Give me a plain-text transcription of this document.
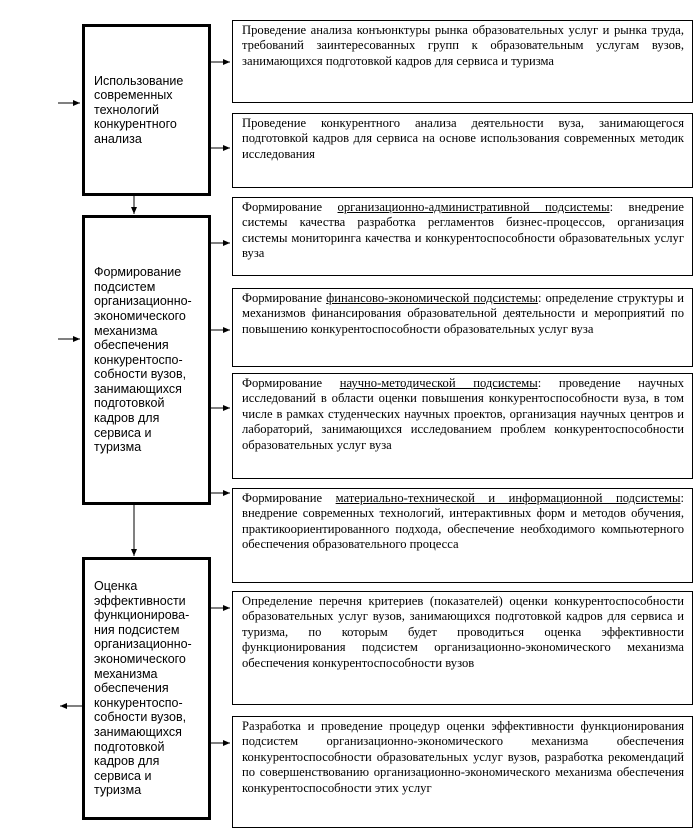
Использование
современных
технологий
конкурентного
анализа
Формирование
подсистем
организационно-
экономического
механизма
обеспечения
конкурентоспо-
собности вузов,
занимающихся
подготовкой
кадров для
сервиса и
туризма
Оценка
эффективности
функционирова-
ния подсистем
организационно-
экономического
механизма
обеспечения
конкурентоспо-
собности вузов,
занимающихся
подготовкой
кадров для
сервиса и
туризма
Проведение анализа конъюнктуры рынка образовательных услуг и рынка труда, требований заинтересованных групп к образовательным услугам вузов, занимающихся подготовкой кадров для сервиса и туризма
Проведение конкурентного анализа деятельности вуза, занимающегося подготовкой кадров для сервиса на основе использования современных методик исследования
Формирование организационно-административной подсистемы: внедрение системы качества разработка регламентов бизнес-процессов, организация системы мониторинга качества и конкурентоспособности образовательных услуг вуза
Формирование финансово-экономической подсистемы: определение структуры и механизмов финансирования образовательной деятельности и мероприятий по повышению конкурентоспособности образовательных услуг вуза
Формирование научно-методической подсистемы: проведение научных исследований в области оценки повышения конкурентоспособности вуза, в том числе в рамках студенческих научных проектов, организация научных центров и лабораторий, занимающихся исследованием проблем конкурентоспособности образовательных услуг вуза
Формирование материально-технической и информационной подсистемы: внедрение современных технологий, интерактивных форм и методов обучения, практикоориентированного подхода, обеспечение необходимого компьютерного обеспечения образовательного процесса
Определение перечня критериев (показателей) оценки конкурентоспособности образовательных услуг вузов, занимающихся подготовкой кадров для сервиса и туризма, по которым будет проводиться оценка эффективности функционирования подсистем организационно-экономического механизма обеспечения конкурентоспособности вузов
Разработка и проведение процедур оценки эффективности функционирования подсистем организационно-экономического механизма обеспечения конкурентоспособности образовательных услуг вузов, разработка рекомендаций по совершенствованию организационно-экономического механизма обеспечения конкурентоспособности этих услуг
